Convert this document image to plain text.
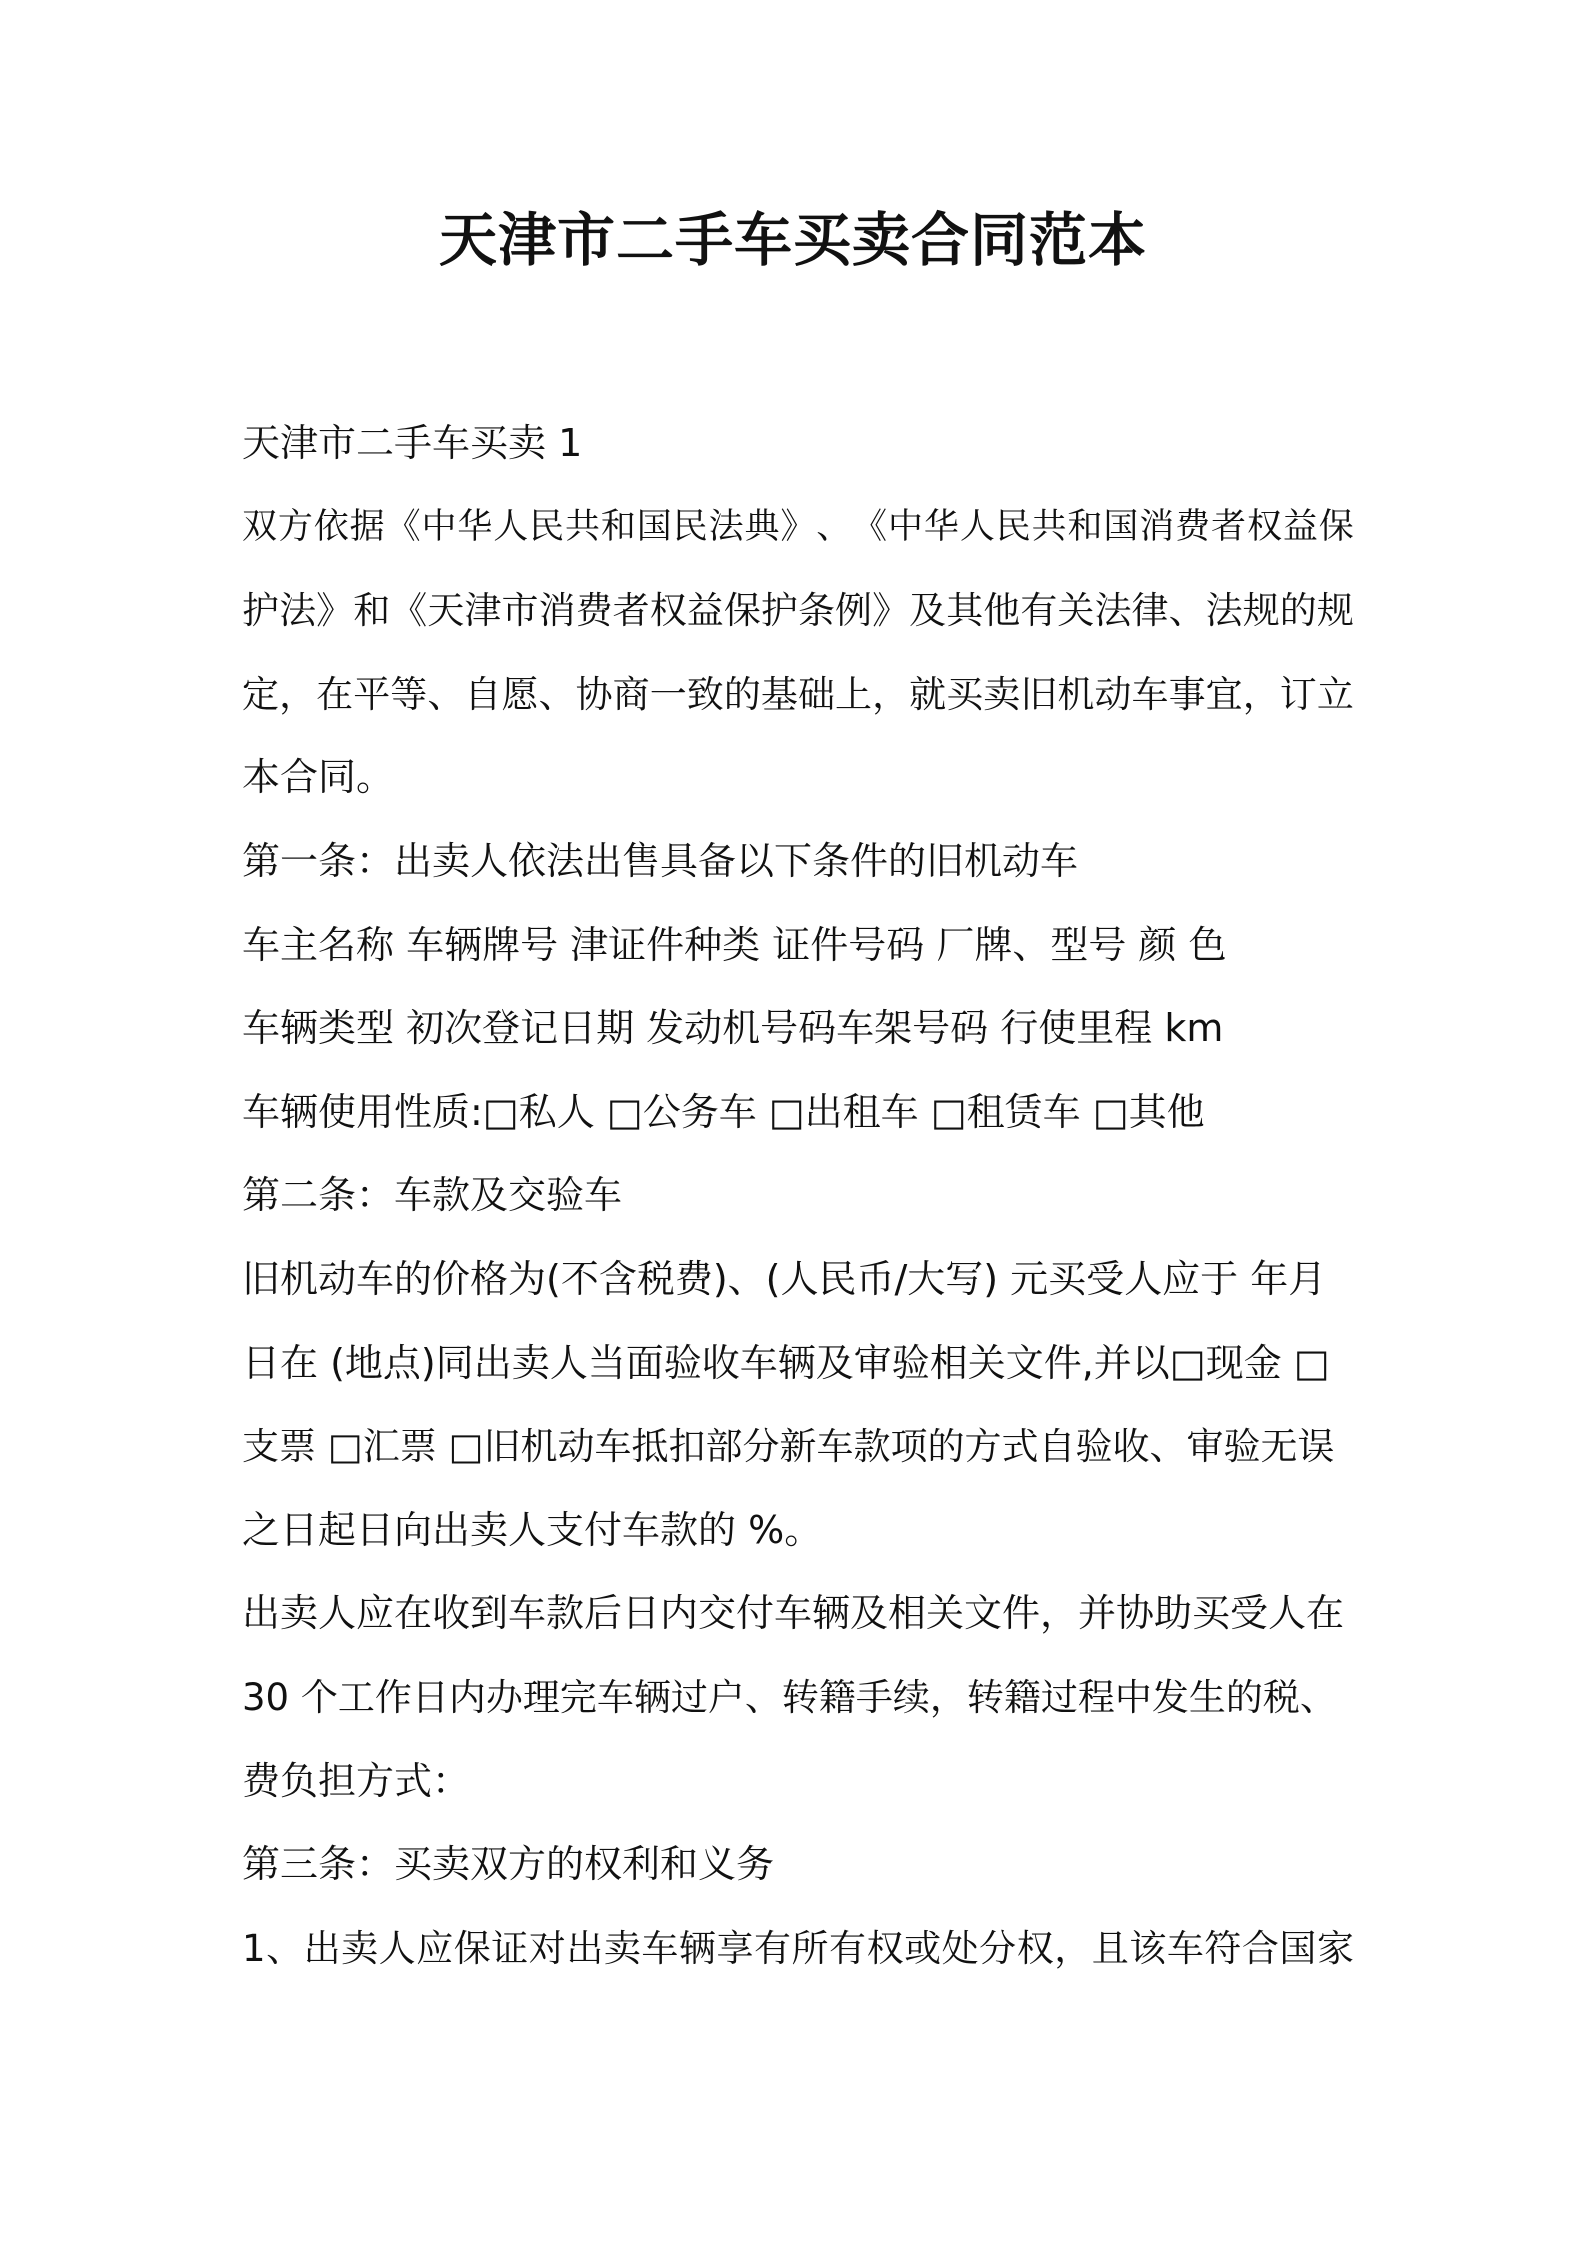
天津市二手车买卖合同范本
天津市二手车买卖 1
双 方 依 据 《 中 华 人 民 共 和 国 民 法 典 》 、 《 中 华 人 民 共 和 国 消 费 者 权 益 保
护 法 》 和 《 天 津 市 消 费 者 权 益 保 护 条 例 》 及 其 他 有 关 法 律 、 法 规 的 规
定 ， 在 平 等 、 自 愿 、 协 商 一 致 的 基 础 上 ， 就 买 卖 旧 机 动 车 事 宜 ， 订 立
本合同。
第一条：出卖人依法出售具备以下条件的旧机动车
车主名称 车辆牌号 津证件种类 证件号码 厂牌、型号 颜 色
车辆类型 初次登记日期 发动机号码车架号码 行使里程 km
车辆使用性质:□私人 □公务车 □出租车 □租赁车 □其他
第二条：车款及交验车
旧机动车的价格为(不含税费)、(人民币/大写) 元买受人应于 年月
日在 (地点)同出卖人当面验收车辆及审验相关文件,并以□现金 □
支票 □汇票 □旧机动车抵扣部分新车款项的方式自验收、审验无误
之日起日向出卖人支付车款的 %。
出卖人应在收到车款后日内交付车辆及相关文件，并协助买受人在
30 个工作日内办理完车辆过户、转籍手续，转籍过程中发生的税、
费负担方式：
第三条：买卖双方的权利和义务
1 、 出 卖 人 应 保 证 对 出 卖 车 辆 享 有 所 有 权 或 处 分 权 ， 且 该 车 符 合 国 家
